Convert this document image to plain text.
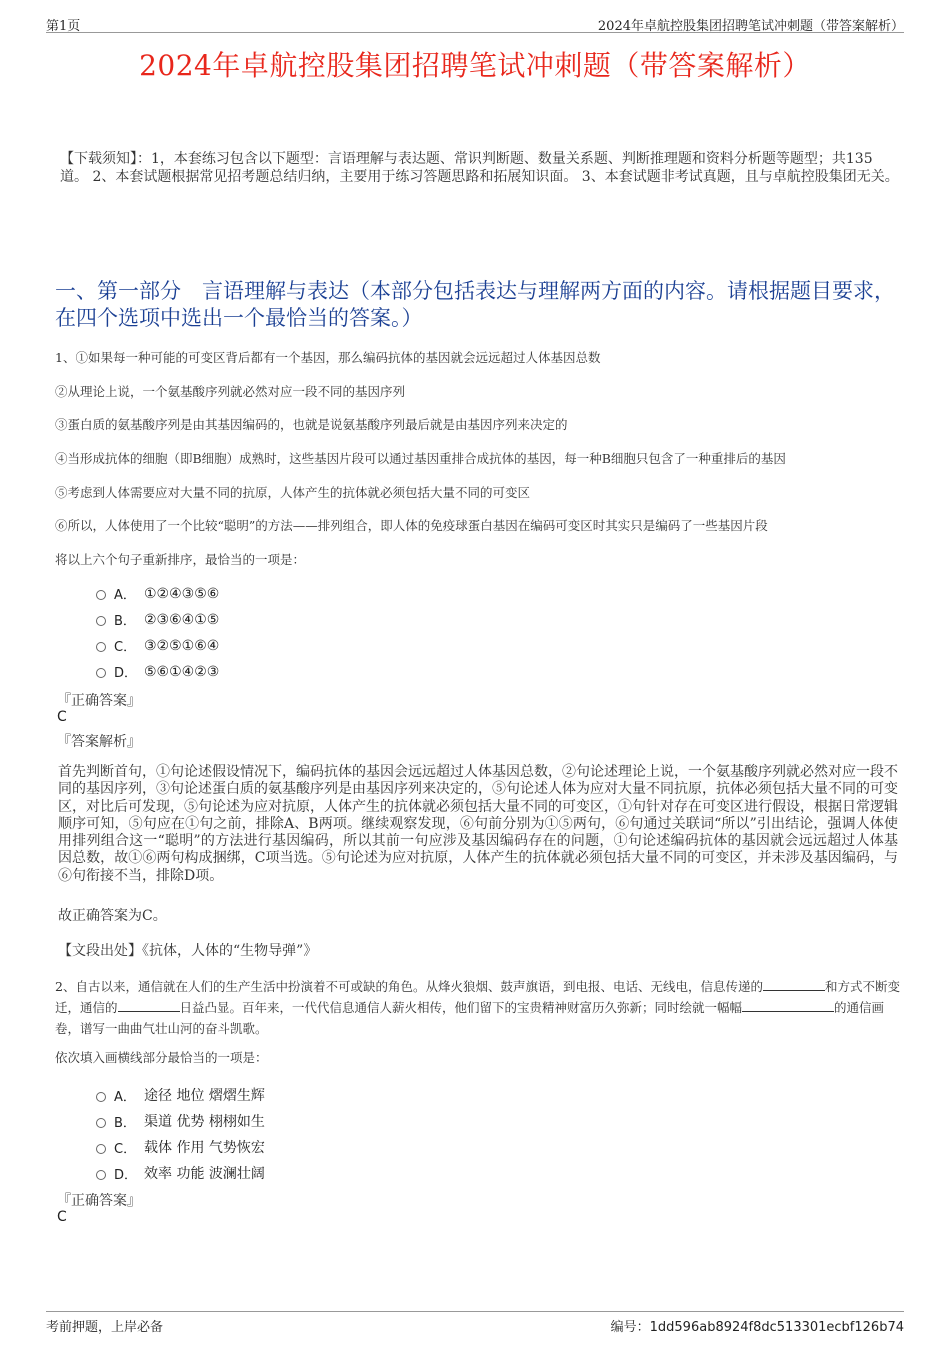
第1页	2024年卓航控股集团招聘笔试冲刺题（带答案解析）
2024年卓航控股集团招聘笔试冲刺题（带答案解析）
【下载须知】：1，本套练习包含以下题型：言语理解与表达题、常识判断题、数量关系题、判断推理题和资料分析题等题型；共135道。 2、本套试题根据常见招考题总结归纳，主要用于练习答题思路和拓展知识面。 3、本套试题非考试真题，且与卓航控股集团无关。
一、第一部分　言语理解与表达（本部分包括表达与理解两方面的内容。请根据题目要求，在四个选项中选出一个最恰当的答案。）
1、①如果每一种可能的可变区背后都有一个基因，那么编码抗体的基因就会远远超过人体基因总数
②从理论上说，一个氨基酸序列就必然对应一段不同的基因序列
③蛋白质的氨基酸序列是由其基因编码的，也就是说氨基酸序列最后就是由基因序列来决定的
④当形成抗体的细胞（即B细胞）成熟时，这些基因片段可以通过基因重排合成抗体的基因，每一种B细胞只包含了一种重排后的基因
⑤考虑到人体需要应对大量不同的抗原，人体产生的抗体就必须包括大量不同的可变区
⑥所以，人体使用了一个比较“聪明”的方法——排列组合，即人体的免疫球蛋白基因在编码可变区时其实只是编码了一些基因片段
将以上六个句子重新排序，最恰当的一项是：
A． ①②④③⑤⑥
B． ②③⑥④①⑤
C． ③②⑤①⑥④
D． ⑤⑥①④②③
『正确答案』
C
『答案解析』
首先判断首句，①句论述假设情况下，编码抗体的基因会远远超过人体基因总数，②句论述理论上说，一个氨基酸序列就必然对应一段不同的基因序列，③句论述蛋白质的氨基酸序列是由基因序列来决定的，⑤句论述人体为应对大量不同抗原，抗体必须包括大量不同的可变区，对比后可发现，⑤句论述为应对抗原，人体产生的抗体就必须包括大量不同的可变区，①句针对存在可变区进行假设，根据日常逻辑顺序可知，⑤句应在①句之前，排除A、B两项。继续观察发现，⑥句前分别为①⑤两句，⑥句通过关联词“所以”引出结论，强调人体使用排列组合这一“聪明”的方法进行基因编码，所以其前一句应涉及基因编码存在的问题，①句论述编码抗体的基因就会远远超过人体基因总数，故①⑥两句构成捆绑，C项当选。⑤句论述为应对抗原，人体产生的抗体就必须包括大量不同的可变区，并未涉及基因编码，与⑥句衔接不当，排除D项。
故正确答案为C。
【文段出处】《抗体，人体的“生物导弹”》
2、自古以来，通信就在人们的生产生活中扮演着不可或缺的角色。从烽火狼烟、鼓声旗语，到电报、电话、无线电，信息传递的	和方式不断变迁，通信的	日益凸显。百年来，一代代信息通信人薪火相传，他们留下的宝贵精神财富历久弥新；同时绘就一幅幅	的通信画卷，谱写一曲曲气壮山河的奋斗凯歌。
依次填入画横线部分最恰当的一项是：
A． 途径 地位 熠熠生辉
B． 渠道 优势 栩栩如生
C． 载体 作用 气势恢宏
D． 效率 功能 波澜壮阔
『正确答案』
C
考前押题，上岸必备	编号：1dd596ab8924f8dc513301ecbf126b74
